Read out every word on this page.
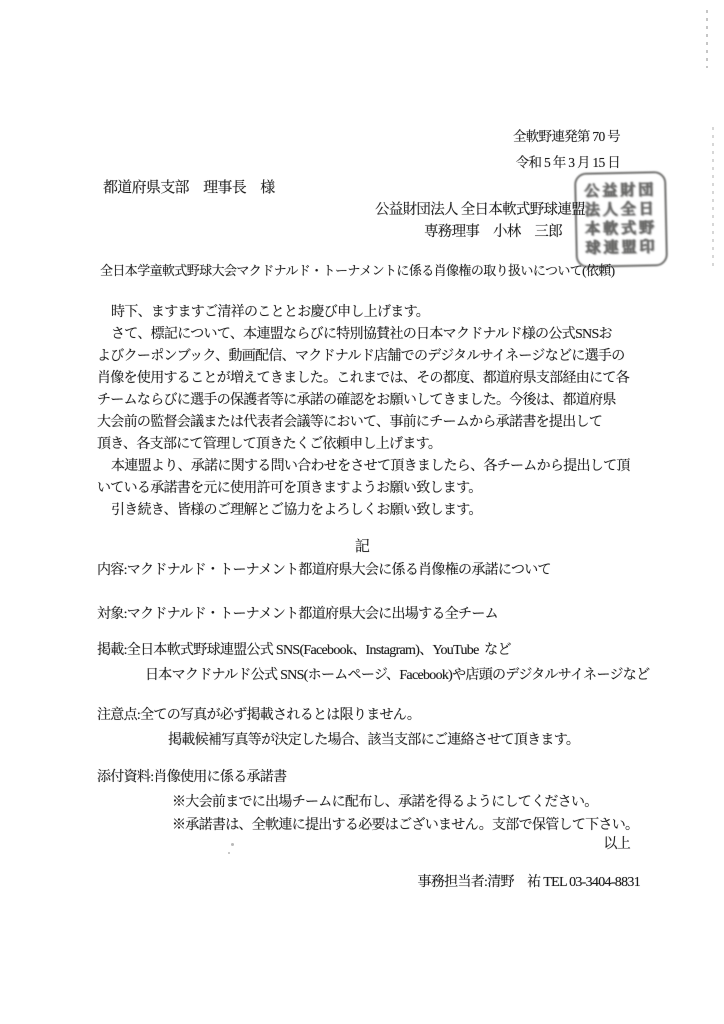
全軟野連発第 70 号
令和 5 年 3 月 15 日
都道府県支部　理事長　様
公益財団法人 全日本軟式野球連盟
専務理事　小林　三郎
公益財団
法人全日
本軟式野
球連盟印
全日本学童軟式野球大会マクドナルド・トーナメントに係る肖像権の取り扱いについて(依頼)
時下、ますますご清祥のこととお慶び申し上げます。
さて、標記について、本連盟ならびに特別協賛社の日本マクドナルド様の公式SNSお
よびクーポンブック、動画配信、マクドナルド店舗でのデジタルサイネージなどに選手の
肖像を使用することが増えてきました。これまでは、その都度、都道府県支部経由にて各
チームならびに選手の保護者等に承諾の確認をお願いしてきました。今後は、都道府県
大会前の監督会議または代表者会議等において、事前にチームから承諾書を提出して
頂き、各支部にて管理して頂きたくご依頼申し上げます。
本連盟より、承諾に関する問い合わせをさせて頂きましたら、各チームから提出して頂
いている承諾書を元に使用許可を頂きますようお願い致します。
引き続き、皆様のご理解とご協力をよろしくお願い致します。
記
内容:マクドナルド・トーナメント都道府県大会に係る肖像権の承諾について
対象:マクドナルド・トーナメント都道府県大会に出場する全チーム
掲載:全日本軟式野球連盟公式 SNS(Facebook、Instagram)、YouTube  など
日本マクドナルド公式 SNS(ホームページ、Facebook)や店頭のデジタルサイネージなど
注意点:全ての写真が必ず掲載されるとは限りません。
掲載候補写真等が決定した場合、該当支部にご連絡させて頂きます。
添付資料:肖像使用に係る承諾書
※大会前までに出場チームに配布し、承諾を得るようにしてください。
※承諾書は、全軟連に提出する必要はございません。支部で保管して下さい。
以上
事務担当者:清野　祐 TEL 03-3404-8831
